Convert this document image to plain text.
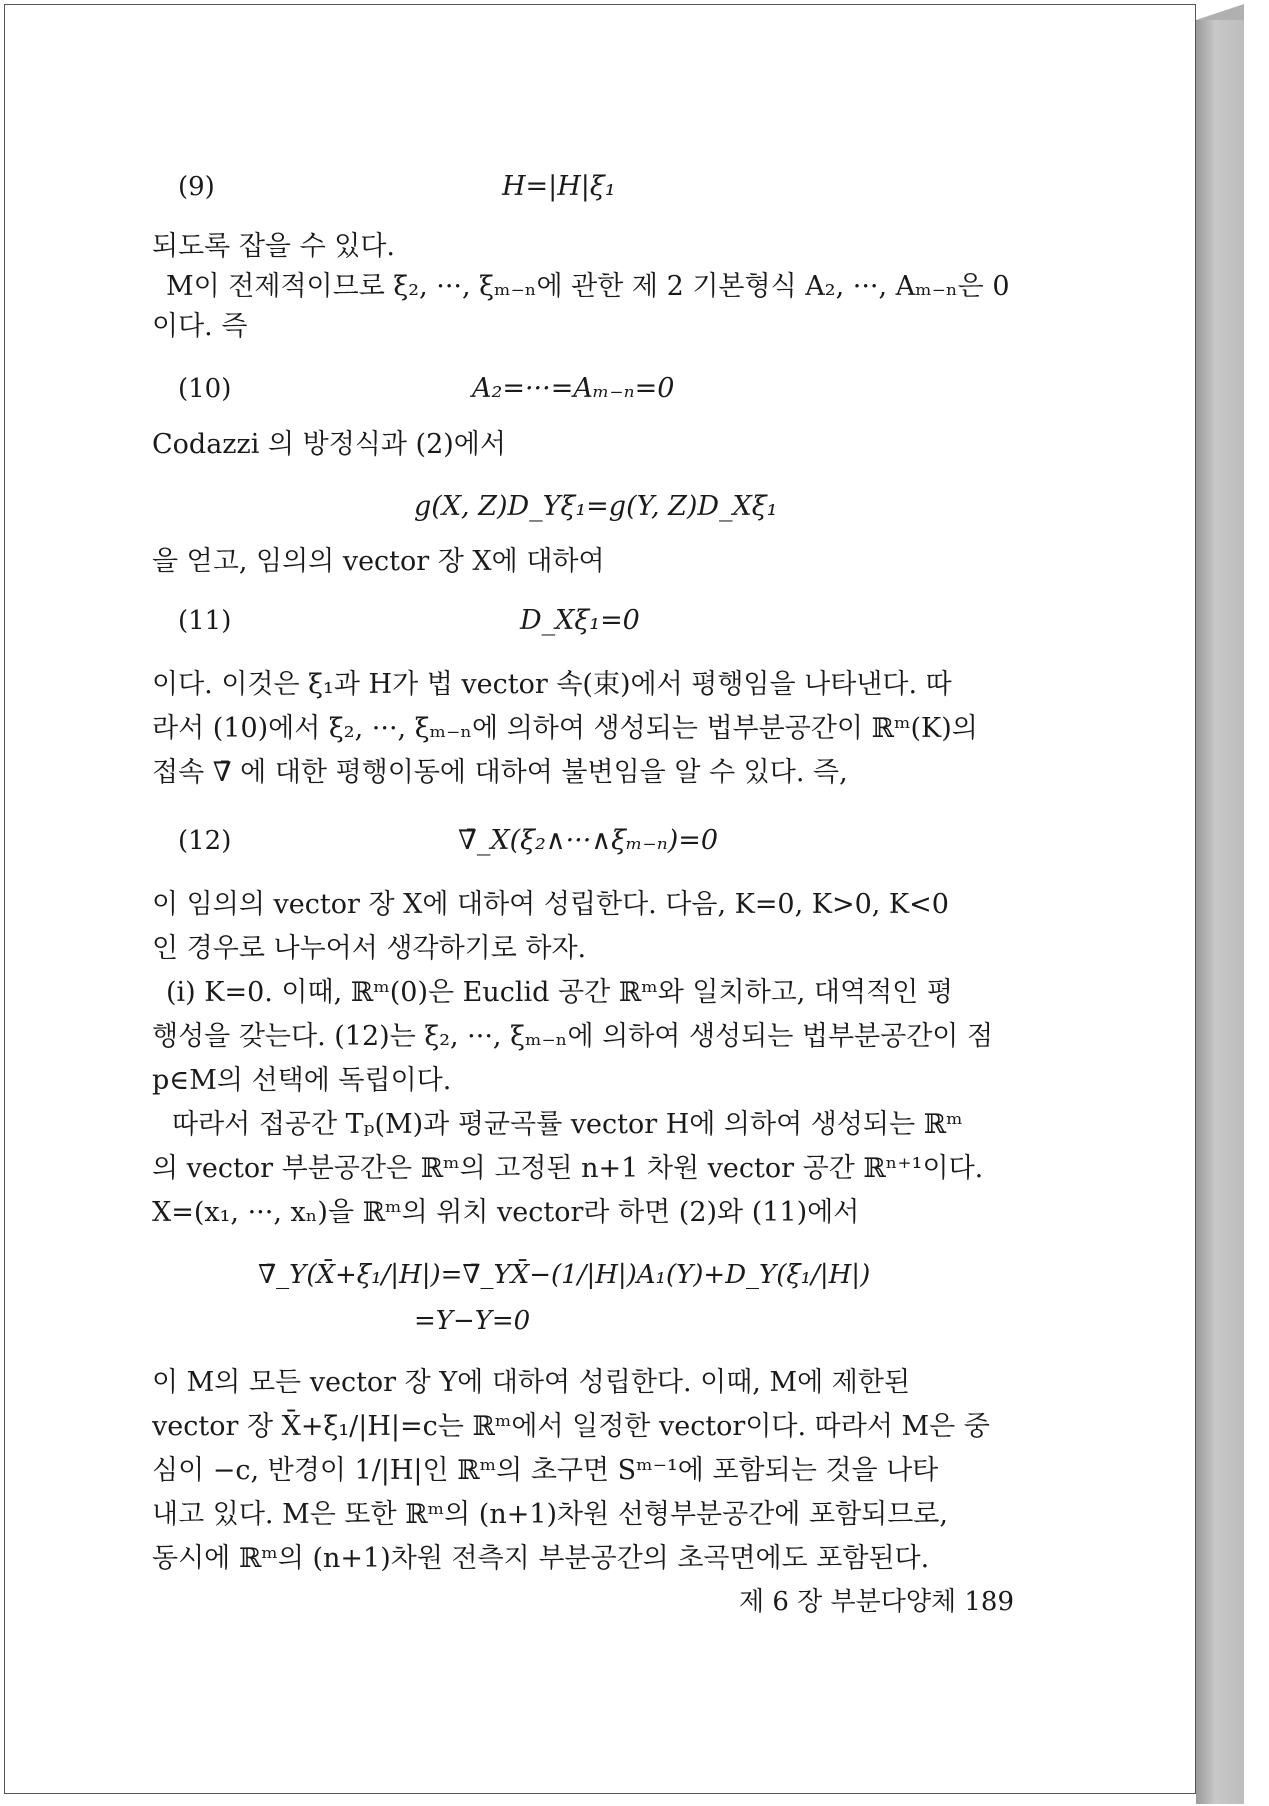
(9)	H=|H|ξ₁
되도록 잡을 수 있다.
M이 전제적이므로 ξ₂, ···, ξₘ₋ₙ에 관한 제 2 기본형식 A₂, ···, Aₘ₋ₙ은 0
이다. 즉
(10)	A₂=···=Aₘ₋ₙ=0
Codazzi 의 방정식과 (2)에서
g(X, Z)D_Yξ₁=g(Y, Z)D_Xξ₁
을 얻고, 임의의 vector 장 X에 대하여
(11)	D_Xξ₁=0
이다. 이것은 ξ₁과 H가 법 vector 속(束)에서 평행임을 나타낸다. 따
라서 (10)에서 ξ₂, ···, ξₘ₋ₙ에 의하여 생성되는 법부분공간이 ℝᵐ(K)의
접속 ∇̄ 에 대한 평행이동에 대하여 불변임을 알 수 있다. 즉,
(12)	∇̄_X(ξ₂∧···∧ξₘ₋ₙ)=0
이 임의의 vector 장 X에 대하여 성립한다. 다음, K=0, K>0, K<0
인 경우로 나누어서 생각하기로 하자.
(i) K=0. 이때, ℝᵐ(0)은 Euclid 공간 ℝᵐ와 일치하고, 대역적인 평
행성을 갖는다. (12)는 ξ₂, ···, ξₘ₋ₙ에 의하여 생성되는 법부분공간이 점
p∈M의 선택에 독립이다.
따라서 접공간 Tₚ(M)과 평균곡률 vector H에 의하여 생성되는 ℝᵐ
의 vector 부분공간은 ℝᵐ의 고정된 n+1 차원 vector 공간 ℝⁿ⁺¹이다.
X=(x₁, ···, xₙ)을 ℝᵐ의 위치 vector라 하면 (2)와 (11)에서
∇̄_Y(X̄+ξ₁/|H|)=∇̄_YX̄−(1/|H|)A₁(Y)+D_Y(ξ₁/|H|)
=Y−Y=0
이 M의 모든 vector 장 Y에 대하여 성립한다. 이때, M에 제한된
vector 장 X̄+ξ₁/|H|=c는 ℝᵐ에서 일정한 vector이다. 따라서 M은 중
심이 −c, 반경이 1/|H|인 ℝᵐ의 초구면 Sᵐ⁻¹에 포함되는 것을 나타
내고 있다. M은 또한 ℝᵐ의 (n+1)차원 선형부분공간에 포함되므로,
동시에 ℝᵐ의 (n+1)차원 전측지 부분공간의 초곡면에도 포함된다.
제 6 장 부분다양체 189
